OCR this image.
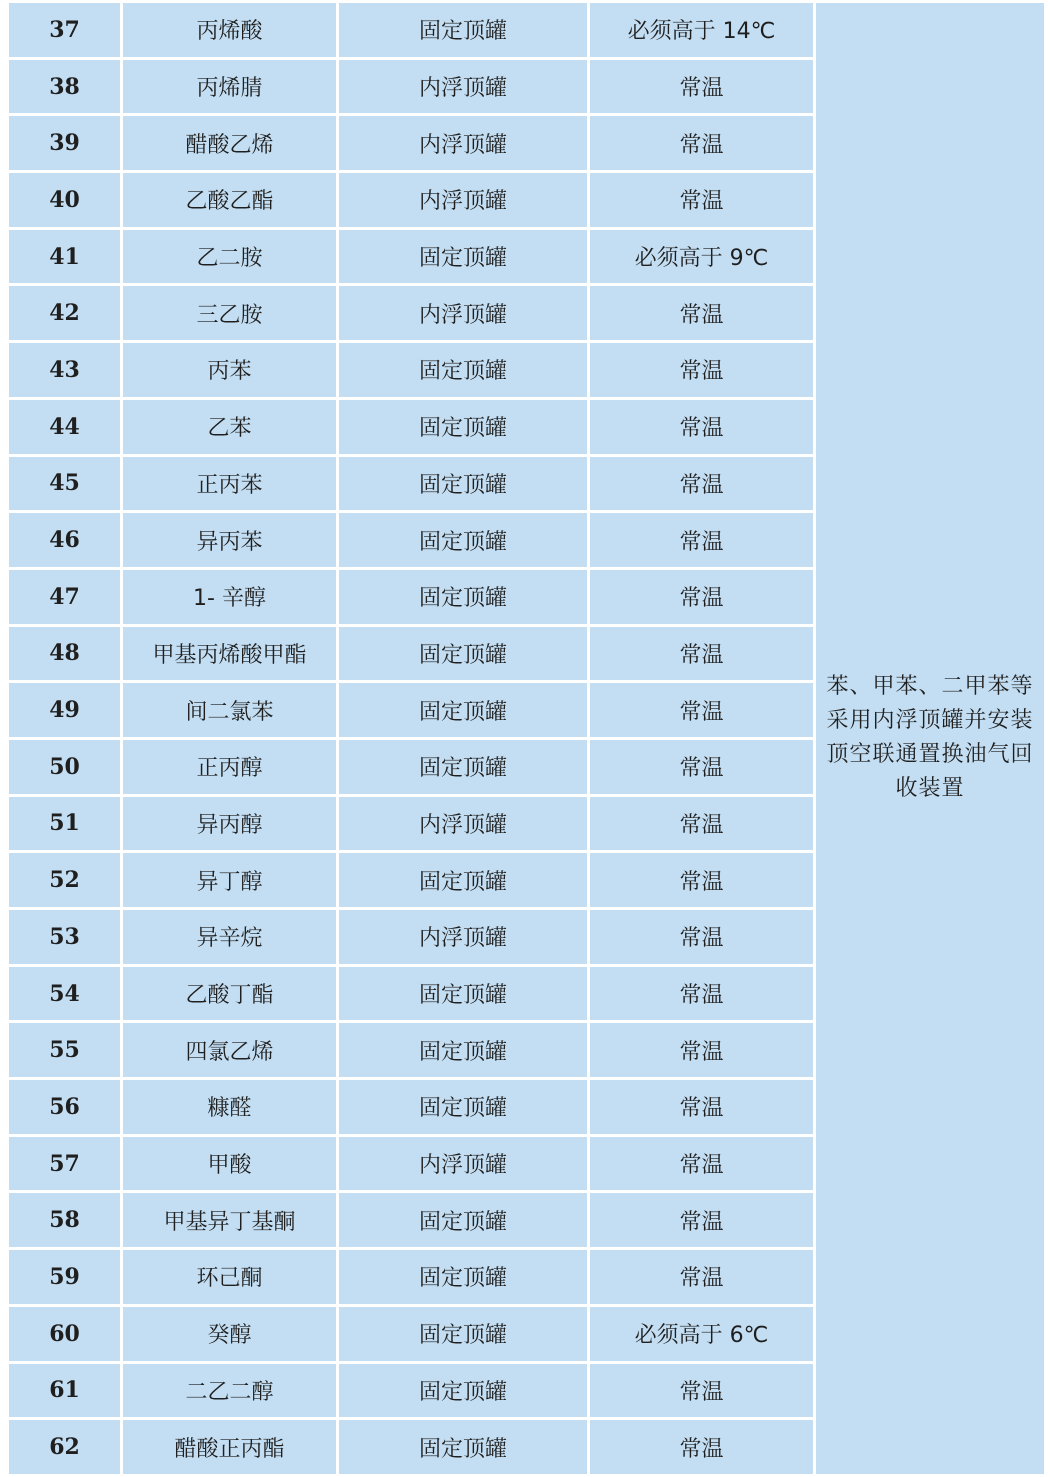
37	丙烯酸	固定顶罐	必须高于 14℃	苯、甲苯、二甲苯等采用内浮顶罐并安装顶空联通置换油气回收装置
38	丙烯腈	内浮顶罐	常温	
39	醋酸乙烯	内浮顶罐	常温	
40	乙酸乙酯	内浮顶罐	常温	
41	乙二胺	固定顶罐	必须高于 9℃	
42	三乙胺	内浮顶罐	常温	
43	丙苯	固定顶罐	常温	
44	乙苯	固定顶罐	常温	
45	正丙苯	固定顶罐	常温	
46	异丙苯	固定顶罐	常温	
47	1- 辛醇	固定顶罐	常温	
48	甲基丙烯酸甲酯	固定顶罐	常温	
49	间二氯苯	固定顶罐	常温	
50	正丙醇	固定顶罐	常温	
51	异丙醇	内浮顶罐	常温	
52	异丁醇	固定顶罐	常温	
53	异辛烷	内浮顶罐	常温	
54	乙酸丁酯	固定顶罐	常温	
55	四氯乙烯	固定顶罐	常温	
56	糠醛	固定顶罐	常温	
57	甲酸	内浮顶罐	常温	
58	甲基异丁基酮	固定顶罐	常温	
59	环己酮	固定顶罐	常温	
60	癸醇	固定顶罐	必须高于 6℃	
61	二乙二醇	固定顶罐	常温	
62	醋酸正丙酯	固定顶罐	常温	
